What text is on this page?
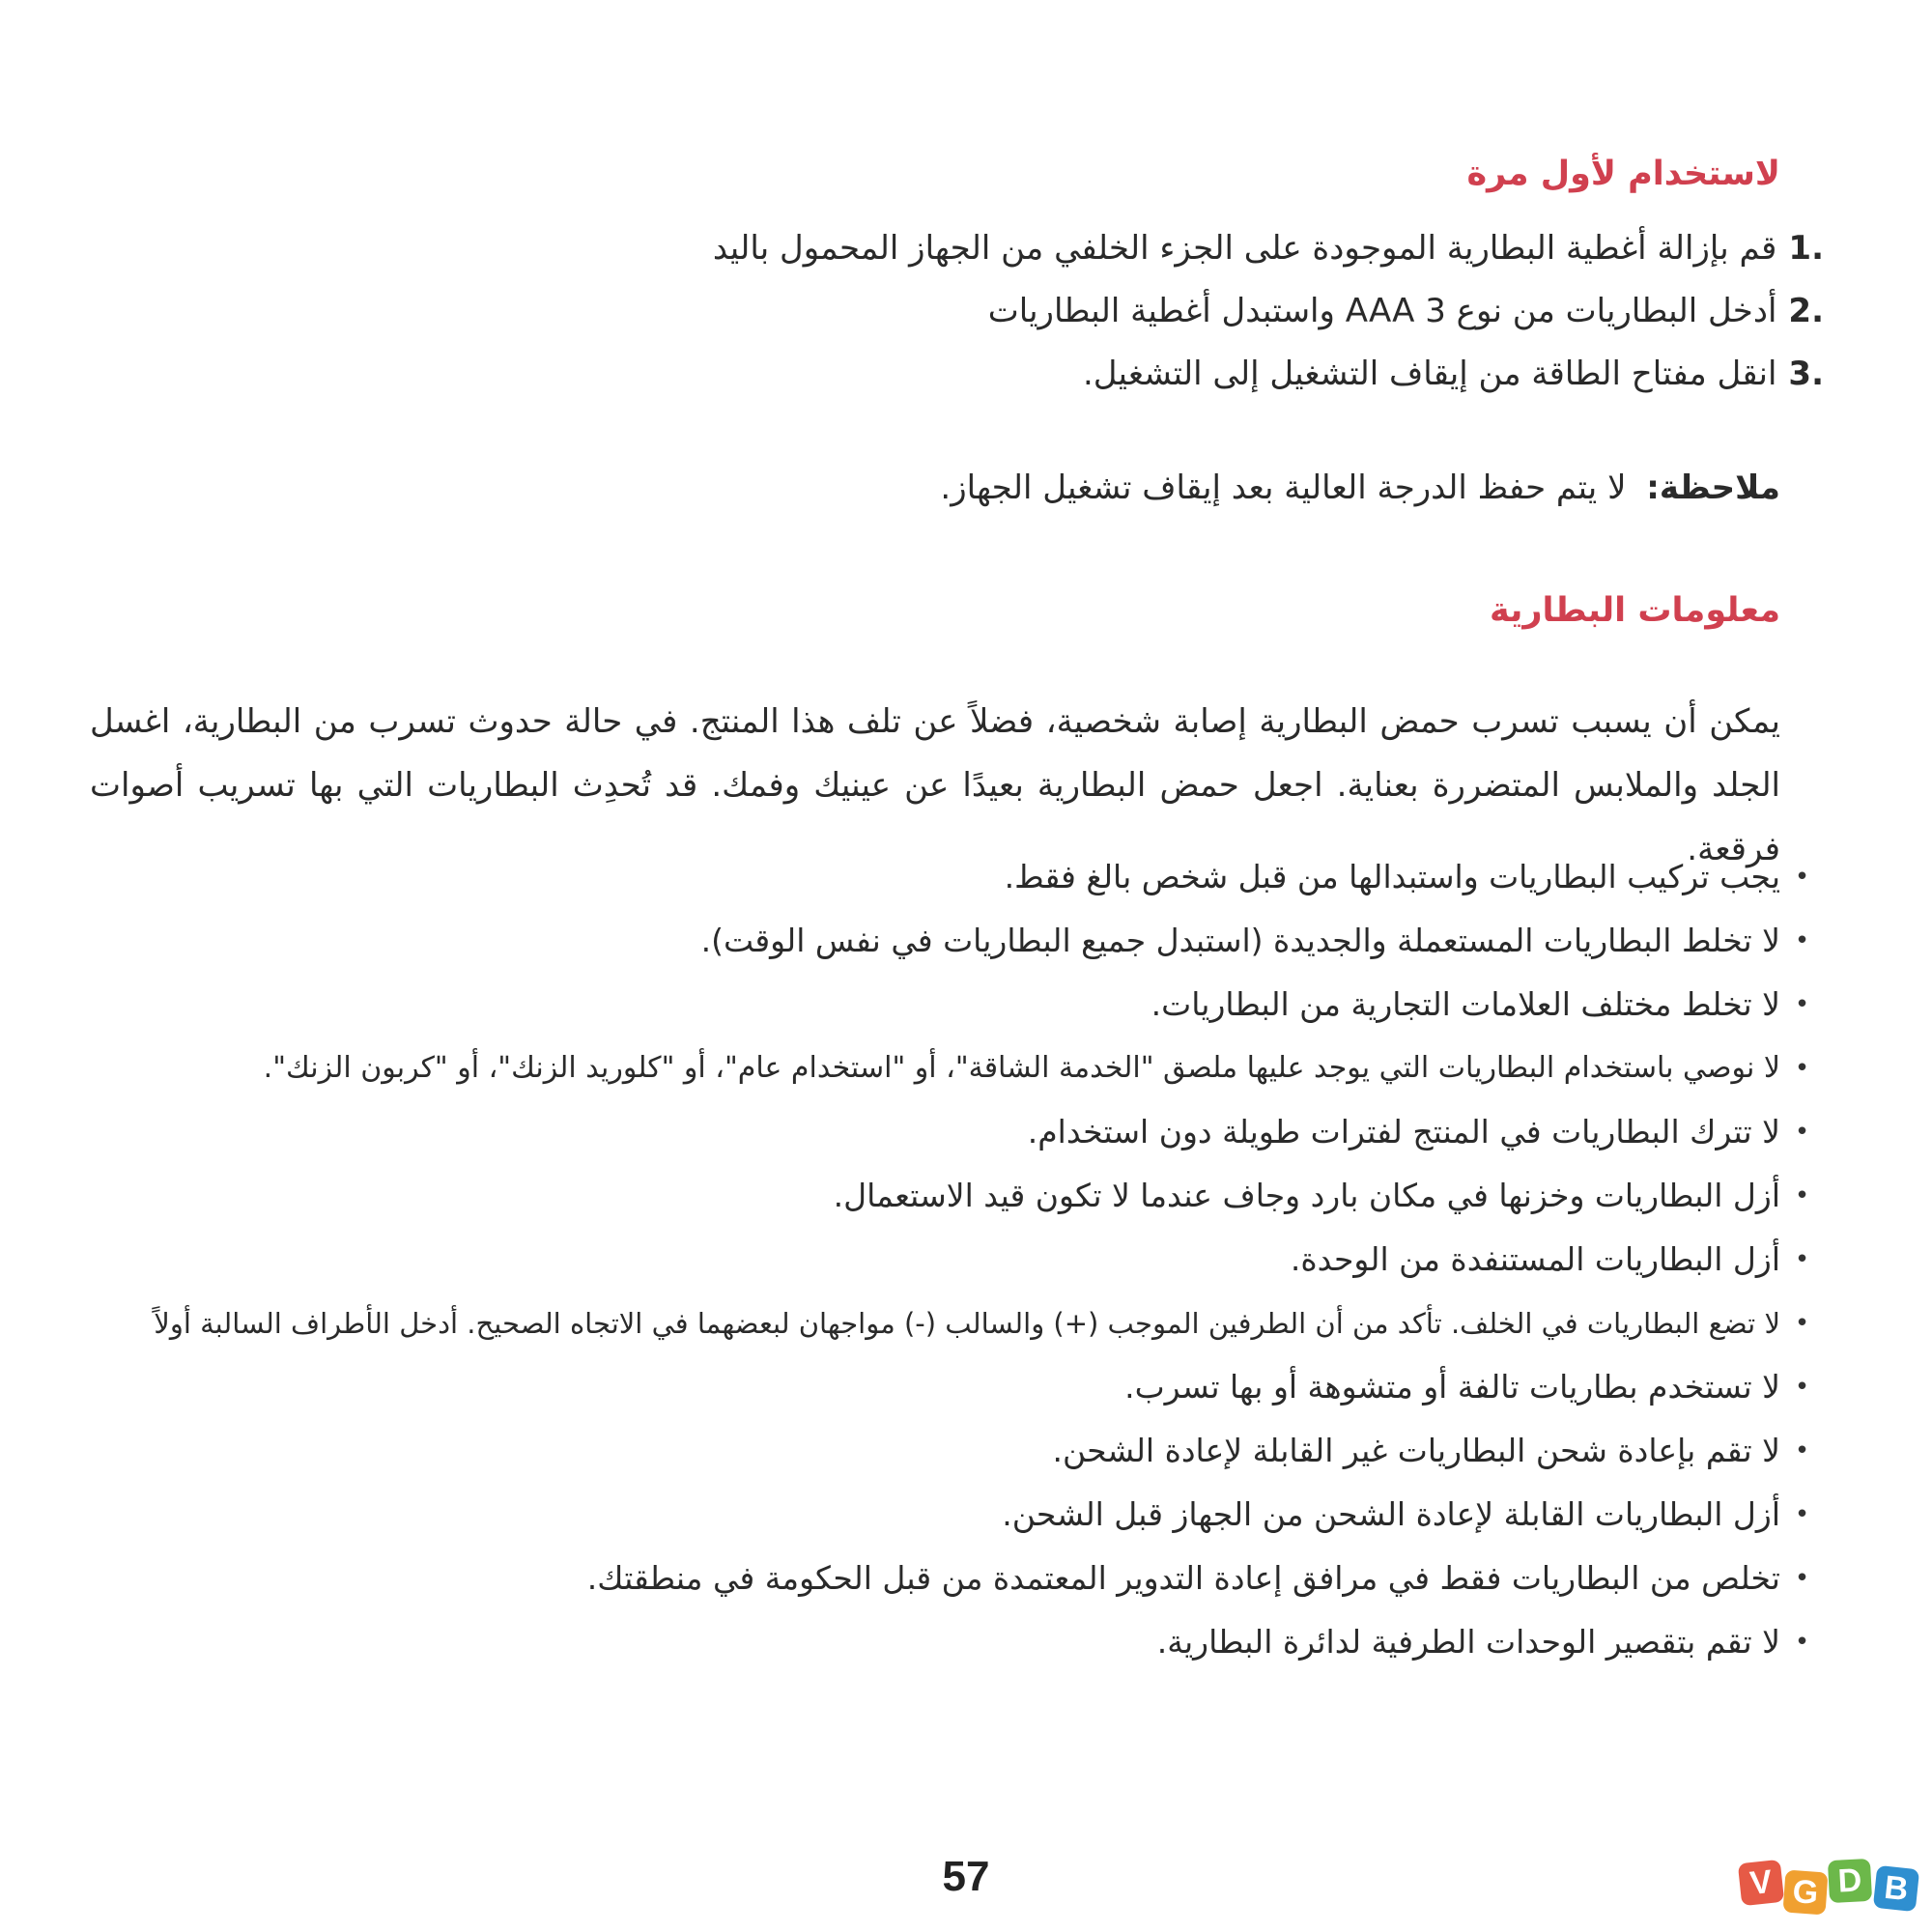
لاستخدام لأول مرة
.1
قم بإزالة أغطية البطارية الموجودة على الجزء الخلفي من الجهاز المحمول باليد
.2
أدخل البطاريات من نوع AAA 3 واستبدل أغطية البطاريات
.3
انقل مفتاح الطاقة من إيقاف التشغيل إلى التشغيل.
ملاحظة: لا يتم حفظ الدرجة العالية بعد إيقاف تشغيل الجهاز.
معلومات البطارية

يمكن أن يسبب تسرب حمض البطارية إصابة شخصية، فضلاً عن تلف هذا المنتج. في حالة حدوث تسرب من البطارية، اغسل الجلد والملابس المتضررة بعناية. اجعل حمض البطارية بعيدًا عن عينيك وفمك. قد تُحدِث البطاريات التي بها تسريب أصوات فرقعة.

•
يجب تركيب البطاريات واستبدالها من قبل شخص بالغ فقط.
•
لا تخلط البطاريات المستعملة والجديدة (استبدل جميع البطاريات في نفس الوقت).
•
لا تخلط مختلف العلامات التجارية من البطاريات.
•
لا نوصي باستخدام البطاريات التي يوجد عليها ملصق "الخدمة الشاقة"، أو "استخدام عام"، أو "كلوريد الزنك"، أو "كربون الزنك".
•
لا تترك البطاريات في المنتج لفترات طويلة دون استخدام.
•
أزل البطاريات وخزنها في مكان بارد وجاف عندما لا تكون قيد الاستعمال.
•
أزل البطاريات المستنفدة من الوحدة.
•
لا تضع البطاريات في الخلف. تأكد من أن الطرفين الموجب (+) والسالب (-) مواجهان لبعضهما في الاتجاه الصحيح. أدخل الأطراف السالبة أولاً
•
لا تستخدم بطاريات تالفة أو متشوهة أو بها تسرب.
•
لا تقم بإعادة شحن البطاريات غير القابلة لإعادة الشحن.
•
أزل البطاريات القابلة لإعادة الشحن من الجهاز قبل الشحن.
•
تخلص من البطاريات فقط في مرافق إعادة التدوير المعتمدة من قبل الحكومة في منطقتك.
•
لا تقم بتقصير الوحدات الطرفية لدائرة البطارية.
57	V G D B
